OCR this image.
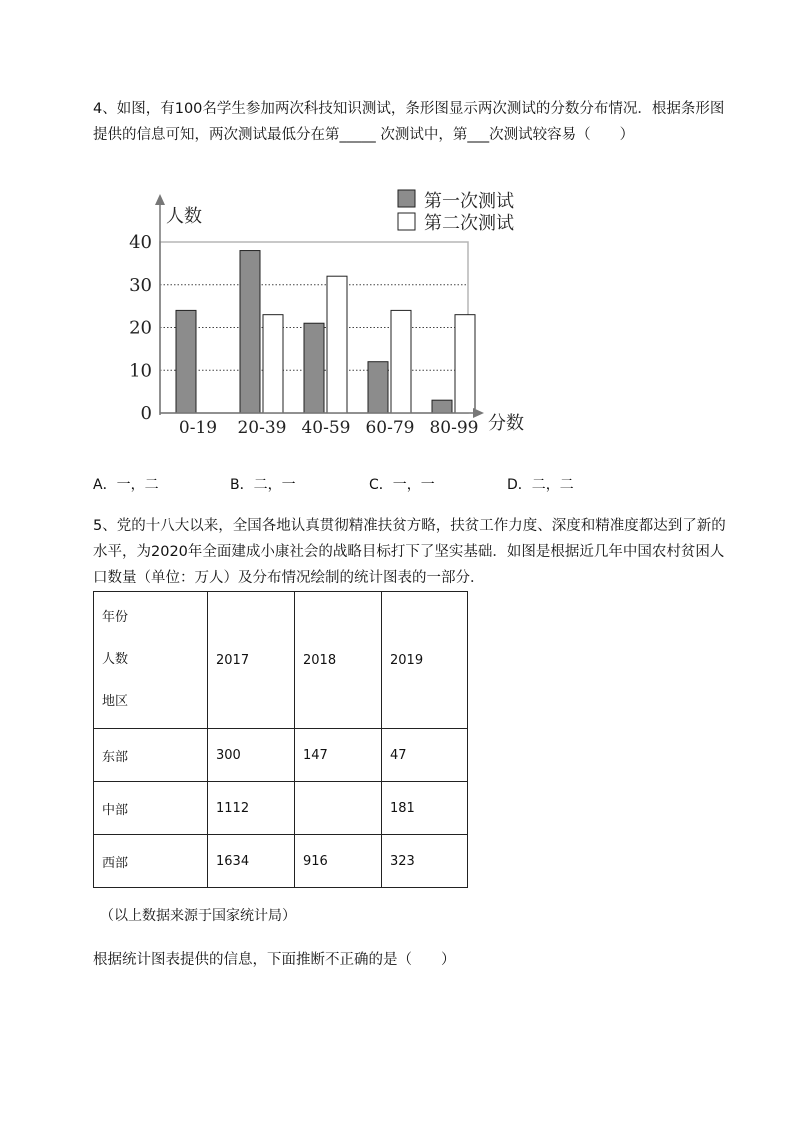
4、如图，有100名学生参加两次科技知识测试，条形图显示两次测试的分数分布情况．根据条形图
提供的信息可知，两次测试最低分在第_____ 次测试中，第___次测试较容易（　　）
0
10
20
30
40
0-19 20-39 40-59 60-79 80-99
人数
分数
第一次测试
第二次测试
A．一，二	B．二，一	C．一，一	D．二，二
5、党的十八大以来，全国各地认真贯彻精准扶贫方略，扶贫工作力度、深度和精准度都达到了新的
水平，为2020年全面建成小康社会的战略目标打下了坚实基础．如图是根据近几年中国农村贫困人
口数量（单位：万人）及分布情况绘制的统计图表的一部分．
年份
人数
地区	2017	2018	2019
东部	300	147	47
中部	1112		181
西部	1634	916	323
（以上数据来源于国家统计局）
根据统计图表提供的信息，下面推断不正确的是（　　）
